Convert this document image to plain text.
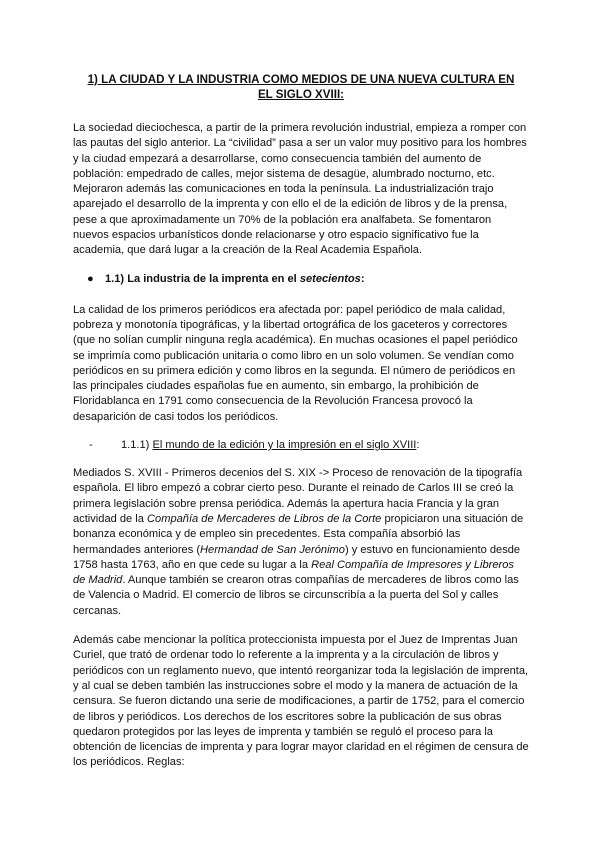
1) LA CIUDAD Y LA INDUSTRIA COMO MEDIOS DE UNA NUEVA CULTURA EN
EL SIGLO XVIII:

La sociedad dieciochesca, a partir de la primera revolución industrial, empieza a romper con las pautas del siglo anterior. La “civilidad” pasa a ser un valor muy positivo para los hombres y la ciudad empezará a desarrollarse, como consecuencia también del aumento de población: empedrado de calles, mejor sistema de desagüe, alumbrado nocturno, etc. Mejoraron además las comunicaciones en toda la península. La industrialización trajo aparejado el desarrollo de la imprenta y con ello el de la edición de libros y de la prensa, pese a que aproximadamente un 70% de la población era analfabeta. Se fomentaron nuevos espacios urbanísticos donde relacionarse y otro espacio significativo fue la academia, que dará lugar a la creación de la Real Academia Española.

● 1.1) La industria de la imprenta en el setecientos:

La calidad de los primeros periódicos era afectada por: papel periódico de mala calidad, pobreza y monotonía tipográficas, y la libertad ortográfica de los gaceteros y correctores (que no solían cumplir ninguna regla académica). En muchas ocasiones el papel periódico se imprimía como publicación unitaria o como libro en un solo volumen. Se vendían como periódicos en su primera edición y como libros en la segunda. El número de periódicos en las principales ciudades españolas fue en aumento, sin embargo, la prohibición de Floridablanca en 1791 como consecuencia de la Revolución Francesa provocó la desaparición de casi todos los periódicos.

-	1.1.1) El mundo de la edición y la impresión en el siglo XVIII:

Mediados S. XVIII - Primeros decenios del S. XIX -> Proceso de renovación de la tipografía española. El libro empezó a cobrar cierto peso. Durante el reinado de Carlos III se creó la primera legislación sobre prensa periódica. Además la apertura hacia Francia y la gran actividad de la Compañía de Mercaderes de Libros de la Corte propiciaron una situación de bonanza económica y de empleo sin precedentes. Esta compañía absorbió las hermandades anteriores (Hermandad de San Jerónimo) y estuvo en funcionamiento desde 1758 hasta 1763, año en que cede su lugar a la Real Compañía de Impresores y Libreros de Madrid. Aunque también se crearon otras compañías de mercaderes de libros como las de Valencia o Madrid. El comercio de libros se circunscribía a la puerta del Sol y calles cercanas.

Además cabe mencionar la política proteccionista impuesta por el Juez de Imprentas Juan Curiel, que trató de ordenar todo lo referente a la imprenta y a la circulación de libros y periódicos con un reglamento nuevo, que intentó reorganizar toda la legislación de imprenta, y al cual se deben también las instrucciones sobre el modo y la manera de actuación de la censura. Se fueron dictando una serie de modificaciones, a partir de 1752, para el comercio de libros y periódicos. Los derechos de los escritores sobre la publicación de sus obras quedaron protegidos por las leyes de imprenta y también se reguló el proceso para la obtención de licencias de imprenta y para lograr mayor claridad en el régimen de censura de los periódicos. Reglas:
